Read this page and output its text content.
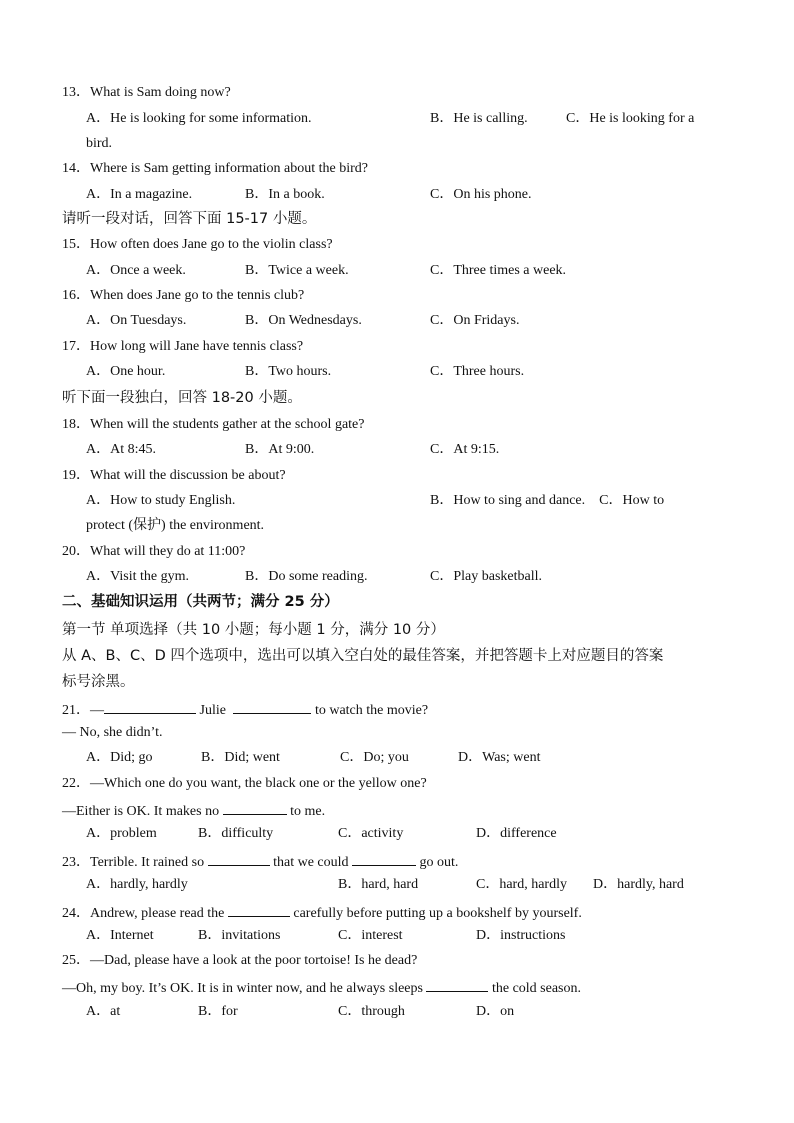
13．What is Sam doing now?
A．He is looking for some information.	B．He is calling.	C．He is looking for a
bird.
14．Where is Sam getting information about the bird?
A．In a magazine.	B．In a book.	C．On his phone.
请听一段对话，回答下面 15-17 小题。
15．How often does Jane go to the violin class?
A．Once a week.	B．Twice a week.	C．Three times a week.
16．When does Jane go to the tennis club?
A．On Tuesdays.	B．On Wednesdays.	C．On Fridays.
17．How long will Jane have tennis class?
A．One hour.	B．Two hours.	C．Three hours.
听下面一段独白，回答 18-20 小题。
18．When will the students gather at the school gate?
A．At 8:45.	B．At 9:00.	C．At 9:15.
19．What will the discussion be about?
A．How to study English.	B．How to sing and dance.　C．How to
protect (保护) the environment.
20．What will they do at 11:00?
A．Visit the gym.	B．Do some reading.	C．Play basketball.
二、基础知识运用（共两节；满分 25 分）
第一节 单项选择（共 10 小题；每小题 1 分，满分 10 分）
从 A、B、C、D 四个选项中，选出可以填入空白处的最佳答案，并把答题卡上对应题目的答案
标号涂黑。
21．—	Julie	to watch the movie?
— No, she didn’t.
A．Did; go	B．Did; went	C．Do; you	D．Was; went
22．—Which one do you want, the black one or the yellow one?
—Either is OK. It makes no	to me.
A．problem	B．difficulty	C．activity	D．difference
23．Terrible. It rained so	that we could	go out.
A．hardly, hardly	B．hard, hard	C．hard, hardly D．hardly, hard
24．Andrew, please read the	carefully before putting up a bookshelf by yourself.
A．Internet	B．invitations	C．interest	D．instructions
25．—Dad, please have a look at the poor tortoise! Is he dead?
—Oh, my boy. It’s OK. It is in winter now, and he always sleeps	the cold season.
A．at	B．for	C．through	D．on
